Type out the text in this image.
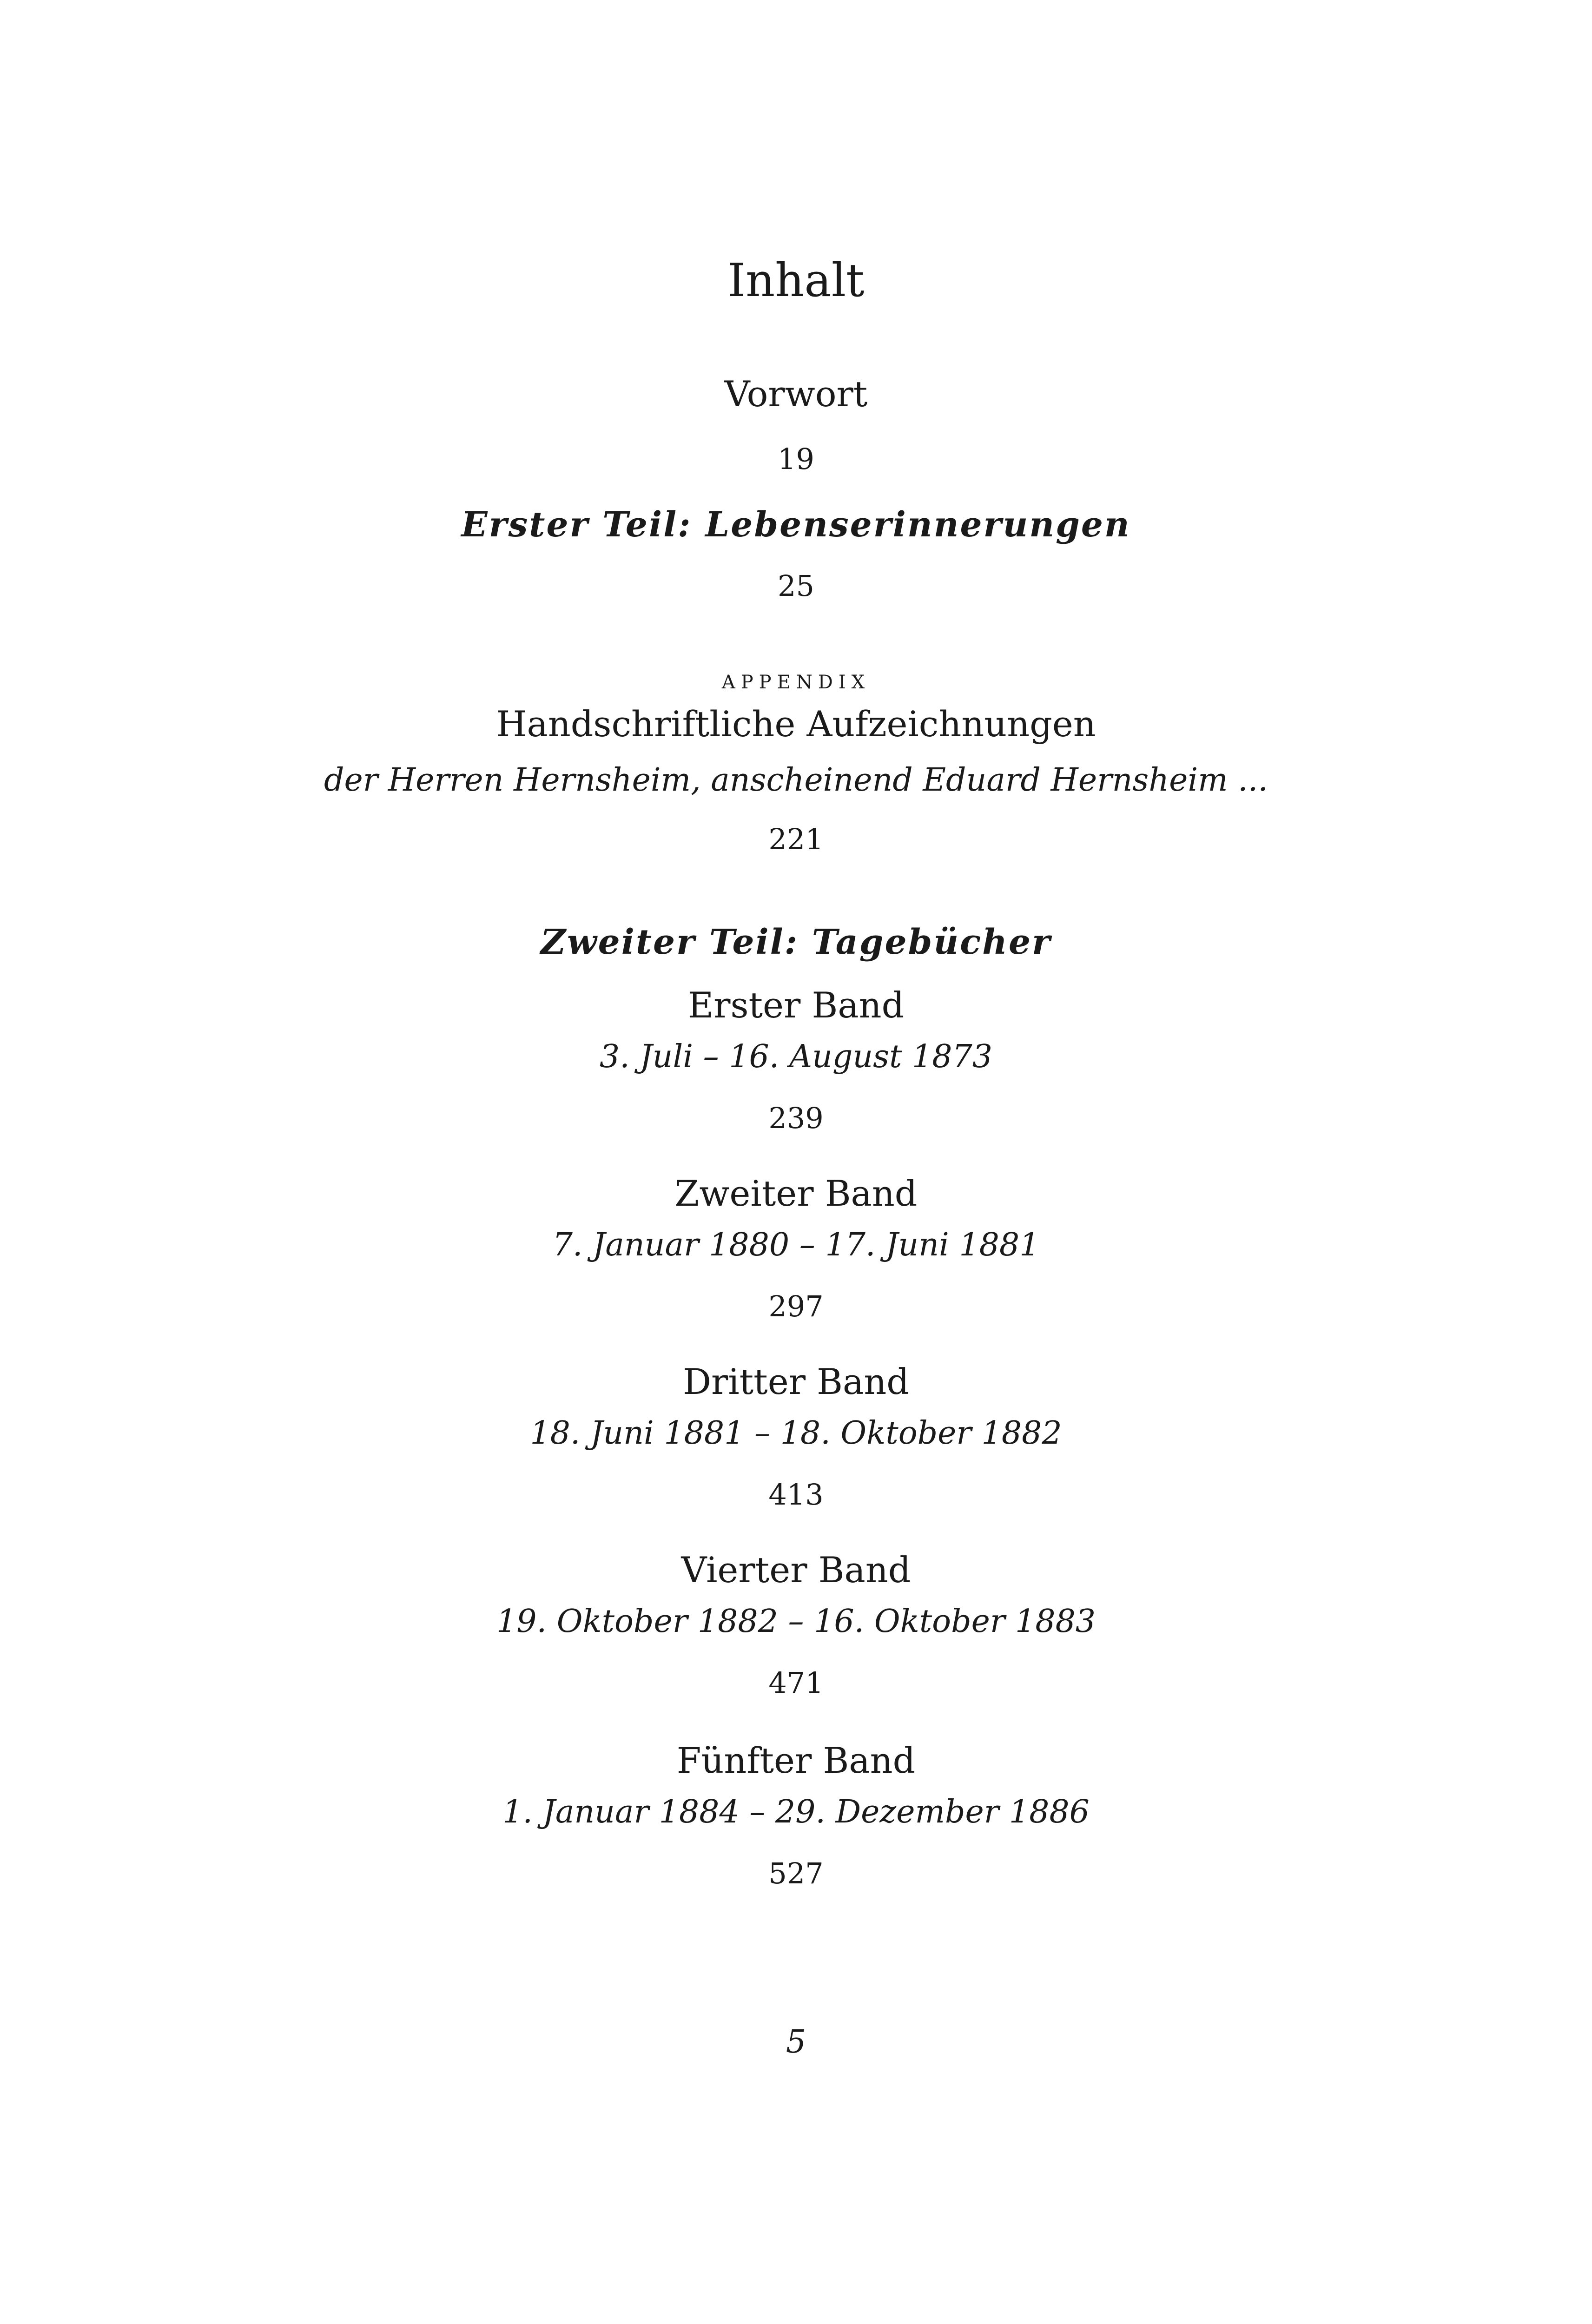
Inhalt
Vorwort
19
Erster Teil: Lebenserinnerungen
25
APPENDIX
Handschriftliche Aufzeichnungen
der Herren Hernsheim, anscheinend Eduard Hernsheim ...
221
Zweiter Teil: Tagebücher
Erster Band
3. Juli – 16. August 1873
239
Zweiter Band
7. Januar 1880 – 17. Juni 1881
297
Dritter Band
18. Juni 1881 – 18. Oktober 1882
413
Vierter Band
19. Oktober 1882 – 16. Oktober 1883
471
Fünfter Band
1. Januar 1884 – 29. Dezember 1886
527
5
